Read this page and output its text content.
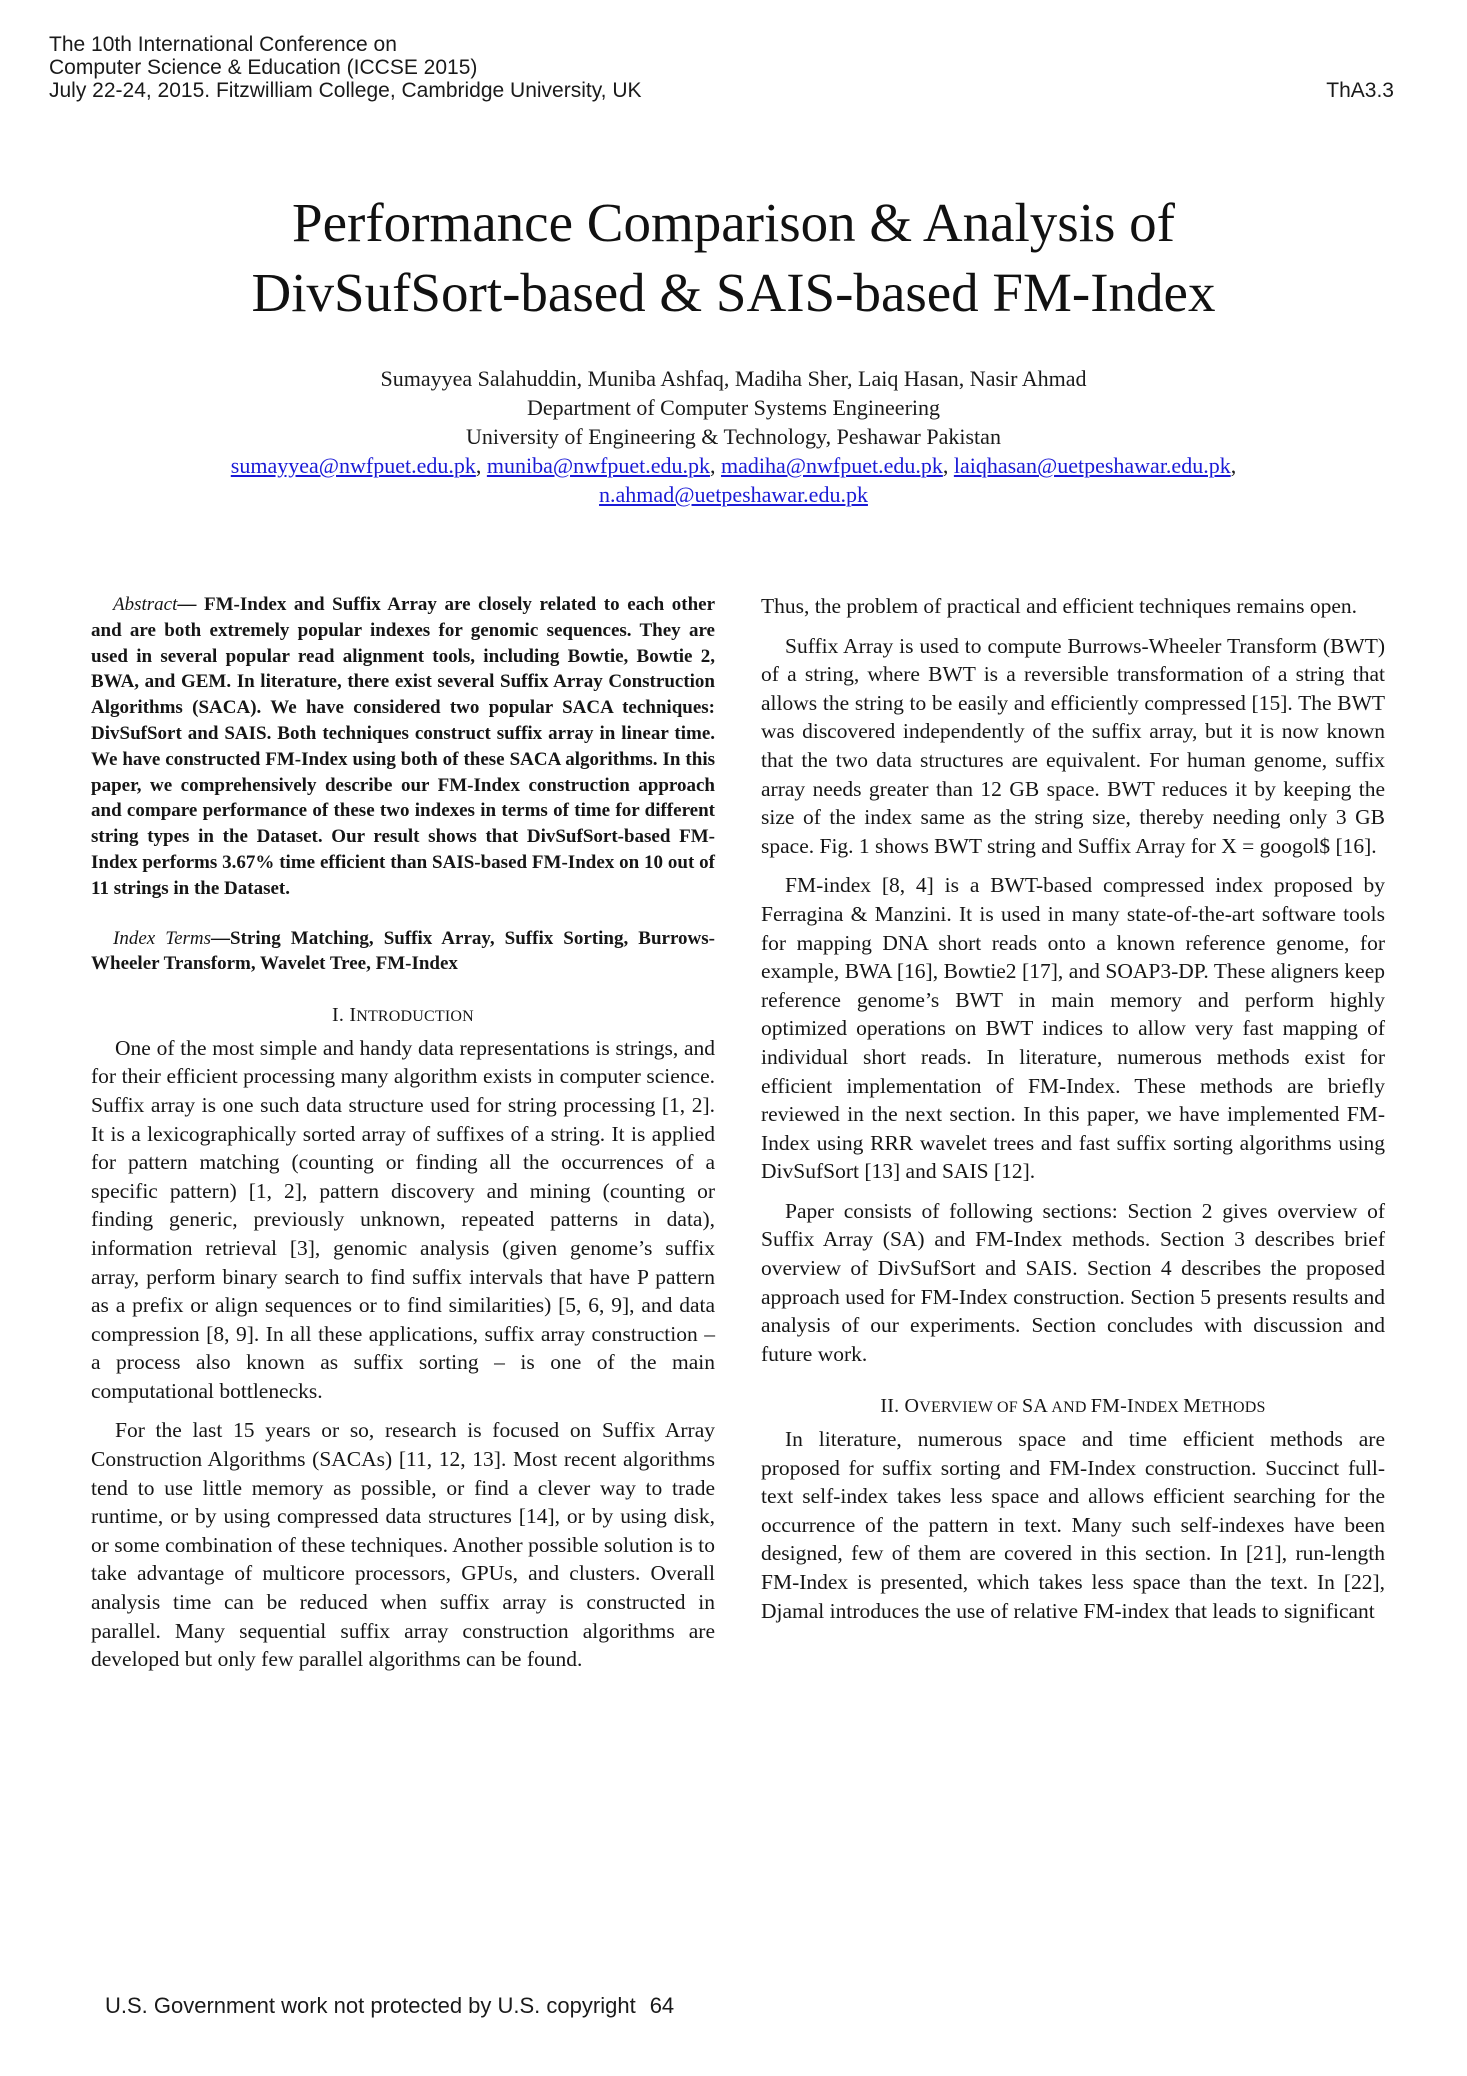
The 10th International Conference on
Computer Science & Education (ICCSE 2015)
July 22-24, 2015. Fitzwilliam College, Cambridge University, UK	ThA3.3
Performance Comparison & Analysis of
DivSufSort-based & SAIS-based FM-Index
Sumayyea Salahuddin, Muniba Ashfaq, Madiha Sher, Laiq Hasan, Nasir Ahmad
Department of Computer Systems Engineering
University of Engineering & Technology, Peshawar Pakistan
sumayyea@nwfpuet.edu.pk, muniba@nwfpuet.edu.pk, madiha@nwfpuet.edu.pk, laiqhasan@uetpeshawar.edu.pk,
n.ahmad@uetpeshawar.edu.pk

Abstract— FM-Index and Suffix Array are closely related to each other and are both extremely popular indexes for genomic sequences. They are used in several popular read alignment tools, including Bowtie, Bowtie 2, BWA, and GEM. In literature, there exist several Suffix Array Construction Algorithms (SACA). We have considered two popular SACA techniques: DivSufSort and SAIS. Both techniques construct suffix array in linear time. We have constructed FM-Index using both of these SACA algorithms. In this paper, we comprehensively describe our FM-Index construction approach and compare performance of these two indexes in terms of time for different string types in the Dataset. Our result shows that DivSufSort-based FM-Index performs 3.67% time efficient than SAIS-based FM-Index on 10 out of 11 strings in the Dataset.

Index Terms—String Matching, Suffix Array, Suffix Sorting, Burrows-Wheeler Transform, Wavelet Tree, FM-Index

I. INTRODUCTION

One of the most simple and handy data representations is strings, and for their efficient processing many algorithm exists in computer science. Suffix array is one such data structure used for string processing [1, 2]. It is a lexicographically sorted array of suffixes of a string. It is applied for pattern matching (counting or finding all the occurrences of a specific pattern) [1, 2], pattern discovery and mining (counting or finding generic, previously unknown, repeated patterns in data), information retrieval [3], genomic analysis (given genome’s suffix array, perform binary search to find suffix intervals that have P pattern as a prefix or align sequences or to find similarities) [5, 6, 9], and data compression [8, 9]. In all these applications, suffix array construction – a process also known as suffix sorting – is one of the main computational bottlenecks.

For the last 15 years or so, research is focused on Suffix Array Construction Algorithms (SACAs) [11, 12, 13]. Most recent algorithms tend to use little memory as possible, or find a clever way to trade runtime, or by using compressed data structures [14], or by using disk, or some combination of these techniques. Another possible solution is to take advantage of multicore processors, GPUs, and clusters. Overall analysis time can be reduced when suffix array is constructed in parallel. Many sequential suffix array construction algorithms are developed but only few parallel algorithms can be found.

Thus, the problem of practical and efficient techniques remains open.

Suffix Array is used to compute Burrows-Wheeler Transform (BWT) of a string, where BWT is a reversible transformation of a string that allows the string to be easily and efficiently compressed [15]. The BWT was discovered independently of the suffix array, but it is now known that the two data structures are equivalent. For human genome, suffix array needs greater than 12 GB space. BWT reduces it by keeping the size of the index same as the string size, thereby needing only 3 GB space. Fig. 1 shows BWT string and Suffix Array for X = googol$ [16].

FM-index [8, 4] is a BWT-based compressed index proposed by Ferragina & Manzini. It is used in many state-of-the-art software tools for mapping DNA short reads onto a known reference genome, for example, BWA [16], Bowtie2 [17], and SOAP3-DP. These aligners keep reference genome’s BWT in main memory and perform highly optimized operations on BWT indices to allow very fast mapping of individual short reads. In literature, numerous methods exist for efficient implementation of FM-Index. These methods are briefly reviewed in the next section. In this paper, we have implemented FM-Index using RRR wavelet trees and fast suffix sorting algorithms using DivSufSort [13] and SAIS [12].

Paper consists of following sections: Section 2 gives overview of Suffix Array (SA) and FM-Index methods. Section 3 describes brief overview of DivSufSort and SAIS. Section 4 describes the proposed approach used for FM-Index construction. Section 5 presents results and analysis of our experiments. Section concludes with discussion and future work.

II. OVERVIEW OF SA AND FM-INDEX METHODS

In literature, numerous space and time efficient methods are proposed for suffix sorting and FM-Index construction. Succinct full-text self-index takes less space and allows efficient searching for the occurrence of the pattern in text. Many such self-indexes have been designed, few of them are covered in this section. In [21], run-length FM-Index is presented, which takes less space than the text. In [22], Djamal introduces the use of relative FM-index that leads to significant

U.S. Government work not protected by U.S. copyright 64
